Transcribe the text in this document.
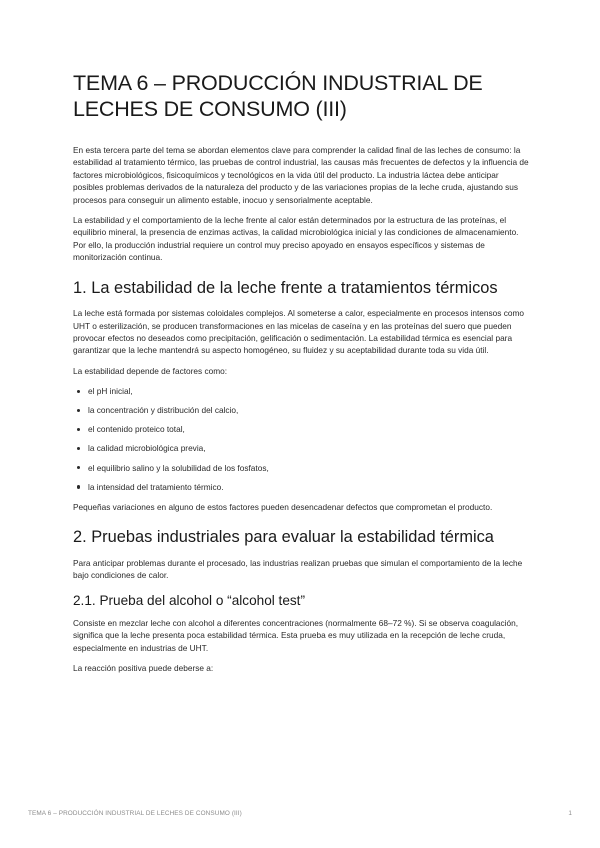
TEMA 6 – PRODUCCIÓN INDUSTRIAL DE LECHES DE CONSUMO (III)

En esta tercera parte del tema se abordan elementos clave para comprender la calidad final de las leches de consumo: la estabilidad al tratamiento térmico, las pruebas de control industrial, las causas más frecuentes de defectos y la influencia de factores microbiológicos, fisicoquímicos y tecnológicos en la vida útil del producto. La industria láctea debe anticipar posibles problemas derivados de la naturaleza del producto y de las variaciones propias de la leche cruda, ajustando sus procesos para conseguir un alimento estable, inocuo y sensorialmente aceptable.

La estabilidad y el comportamiento de la leche frente al calor están determinados por la estructura de las proteínas, el equilibrio mineral, la presencia de enzimas activas, la calidad microbiológica inicial y las condiciones de almacenamiento. Por ello, la producción industrial requiere un control muy preciso apoyado en ensayos específicos y sistemas de monitorización continua.

1. La estabilidad de la leche frente a tratamientos térmicos

La leche está formada por sistemas coloidales complejos. Al someterse a calor, especialmente en procesos intensos como UHT o esterilización, se producen transformaciones en las micelas de caseína y en las proteínas del suero que pueden provocar efectos no deseados como precipitación, gelificación o sedimentación. La estabilidad térmica es esencial para garantizar que la leche mantendrá su aspecto homogéneo, su fluidez y su aceptabilidad durante toda su vida útil.

La estabilidad depende de factores como:

el pH inicial,
la concentración y distribución del calcio,
el contenido proteico total,
la calidad microbiológica previa,
el equilibrio salino y la solubilidad de los fosfatos,
la intensidad del tratamiento térmico.

Pequeñas variaciones en alguno de estos factores pueden desencadenar defectos que comprometan el producto.

2. Pruebas industriales para evaluar la estabilidad térmica

Para anticipar problemas durante el procesado, las industrias realizan pruebas que simulan el comportamiento de la leche bajo condiciones de calor.

2.1. Prueba del alcohol o “alcohol test”

Consiste en mezclar leche con alcohol a diferentes concentraciones (normalmente 68–72 %). Si se observa coagulación, significa que la leche presenta poca estabilidad térmica. Esta prueba es muy utilizada en la recepción de leche cruda, especialmente en industrias de UHT.

La reacción positiva puede deberse a:

TEMA 6 – PRODUCCIÓN INDUSTRIAL DE LECHES DE CONSUMO (III)	1
